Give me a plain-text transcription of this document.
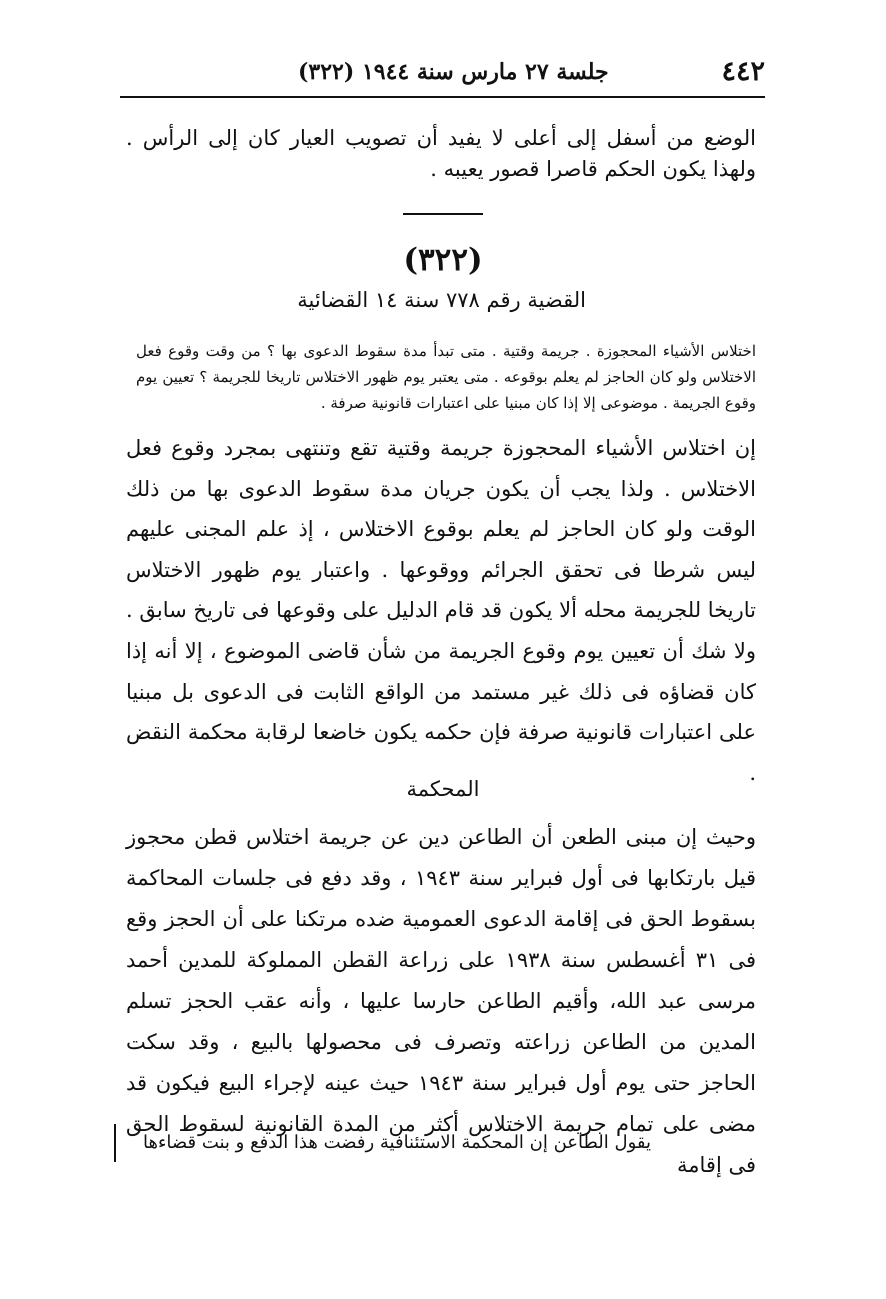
٤٤٢
جلسة ٢٧ مارس سنة ١٩٤٤ (٣٢٢)

الوضع من أسفل إلى أعلى لا يفيد أن تصويب العيار كان إلى الرأس . ولهذا يكون الحكم قاصرا قصور يعيبه .

(٣٢٢)
القضية رقم ٧٧٨ سنة ١٤ القضائية

اختلاس الأشياء المحجوزة . جريمة وقتية . متى تبدأ مدة سقوط الدعوى بها ؟ من وقت وقوع فعل الاختلاس ولو كان الحاجز لم يعلم بوقوعه . متى يعتبر يوم ظهور الاختلاس تاريخا للجريمة ؟ تعيين يوم وقوع الجريمة . موضوعى إلا إذا كان مبنيا على اعتبارات قانونية صرفة .

إن اختلاس الأشياء المحجوزة جريمة وقتية تقع وتنتهى بمجرد وقوع فعل الاختلاس . ولذا يجب أن يكون جريان مدة سقوط الدعوى بها من ذلك الوقت ولو كان الحاجز لم يعلم بوقوع الاختلاس ، إذ علم المجنى عليهم ليس شرطا فى تحقق الجرائم ووقوعها . واعتبار يوم ظهور الاختلاس تاريخا للجريمة محله ألا يكون قد قام الدليل على وقوعها فى تاريخ سابق . ولا شك أن تعيين يوم وقوع الجريمة من شأن قاضى الموضوع ، إلا أنه إذا كان قضاؤه فى ذلك غير مستمد من الواقع الثابت فى الدعوى بل مبنيا على اعتبارات قانونية صرفة فإن حكمه يكون خاضعا لرقابة محكمة النقض .

المحكمة

وحيث إن مبنى الطعن أن الطاعن دين عن جريمة اختلاس قطن محجوز قيل بارتكابها فى أول فبراير سنة ١٩٤٣ ، وقد دفع فى جلسات المحاكمة بسقوط الحق فى إقامة الدعوى العمومية ضده مرتكنا على أن الحجز وقع فى ٣١ أغسطس سنة ١٩٣٨ على زراعة القطن المملوكة للمدين أحمد مرسى عبد الله، وأقيم الطاعن حارسا عليها ، وأنه عقب الحجز تسلم المدين من الطاعن زراعته وتصرف فى محصولها بالبيع ، وقد سكت الحاجز حتى يوم أول فبراير سنة ١٩٤٣ حيث عينه لإجراء البيع فيكون قد مضى على تمام جريمة الاختلاس أكثر من المدة القانونية لسقوط الحق فى إقامة

يقول الطاعن إن المحكمة الاستئنافية رفضت هذا الدفع و بنت قضاءها
